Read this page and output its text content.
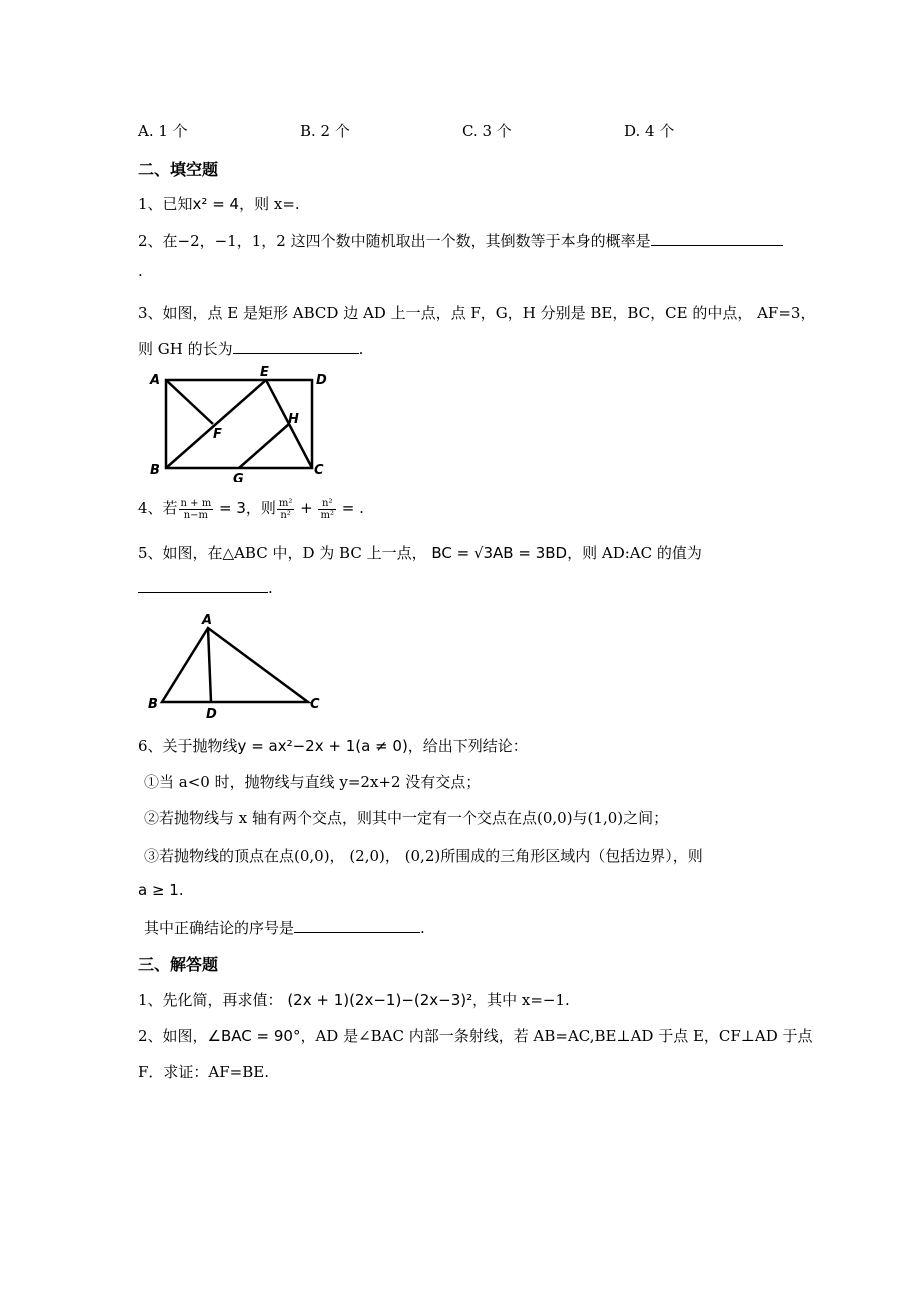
A. 1 个	B. 2 个	C. 3 个	D. 4 个
二、填空题
1、已知x² = 4，则 x=.
2、在−2，−1，1，2 这四个数中随机取出一个数，其倒数等于本身的概率是
.
3、如图，点 E 是矩形 ABCD 边 AD 上一点，点 F，G，H 分别是 BE，BC，CE 的中点， AF=3，
则 GH 的长为	.
A
E
D
H
F
B
G
C
4、若 $\frac{n + m}{n-m} = 3$，则 $\frac{\text{m²}}{\text{n²}} + \frac{\text{n²}}{\text{m²}}$ = .
5、如图，在△ABC 中，D 为 BC 上一点， BC = √3AB = 3BD，则 AD:AC 的值为
.
A
B
D
C
6、关于抛物线y = ax²−2x + 1(a ≠ 0)，给出下列结论：
①当 a<0 时，抛物线与直线 y=2x+2 没有交点；
②若抛物线与 x 轴有两个交点，则其中一定有一个交点在点(0,0)与(1,0)之间；
③若抛物线的顶点在点(0,0)， (2,0)， (0,2)所围成的三角形区域内（包括边界），则
a ≥ 1.
其中正确结论的序号是	.
三、解答题
1、先化简，再求值： (2x + 1)(2x−1)−(2x−3)²，其中 x=−1.
2、如图，∠BAC = 90°，AD 是∠BAC 内部一条射线，若 AB=AC,BE⊥AD 于点 E，CF⊥AD 于点
F．求证：AF=BE.
